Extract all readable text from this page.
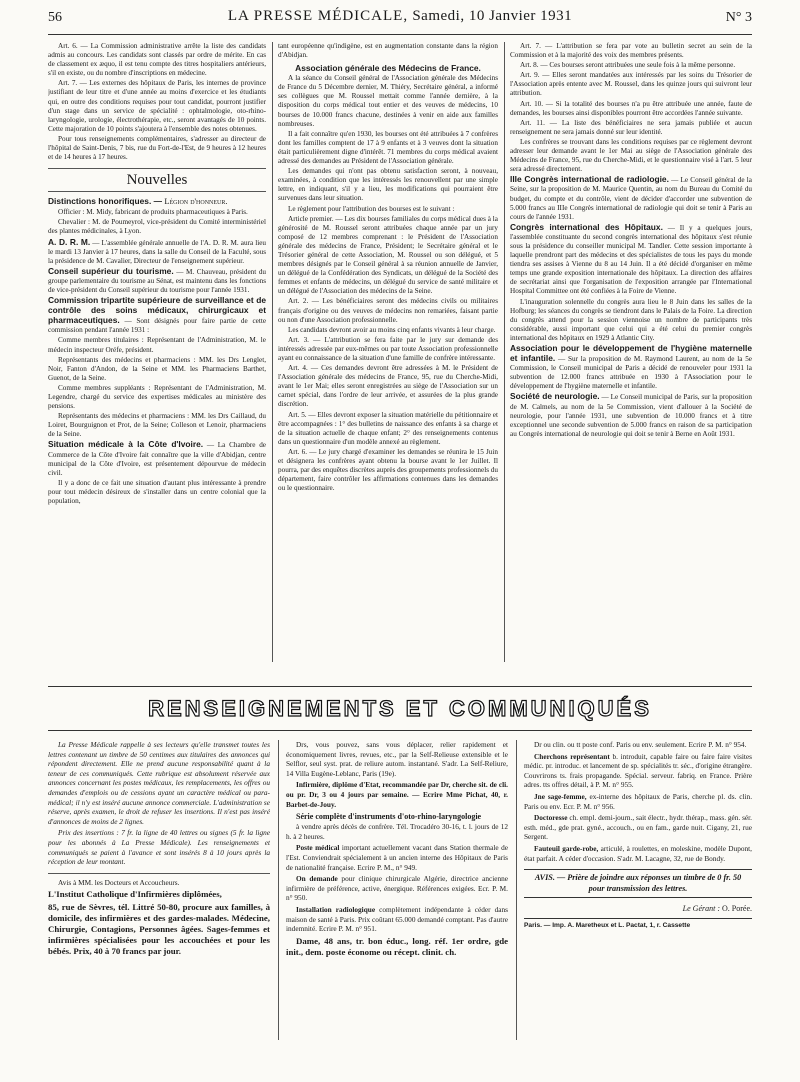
56	LA PRESSE MÉDICALE, Samedi, 10 Janvier 1931	N° 3

Art. 6. — La Commission administrative arrête la liste des candidats admis au concours. Les candidats sont classés par ordre de mérite. En cas de classement ex æquo, il est tenu compte des titres hospitaliers antérieurs, s'il en existe, ou du nombre d'inscriptions en médecine.

Art. 7. — Les externes des hôpitaux de Paris, les internes de province justifiant de leur titre et d'une année au moins d'exercice et les étudiants qui, en outre des conditions requises pour tout candidat, pourront justifier d'un stage dans un service de spécialité : ophtalmologie, oto-rhino-laryngologie, urologie, électrothérapie, etc., seront avantagés de 10 points. Cette majoration de 10 points s'ajoutera à l'ensemble des notes obtenues.

Pour tous renseignements complémentaires, s'adresser au directeur de l'hôpital de Saint-Denis, 7 bis, rue du Fort-de-l'Est, de 9 heures à 12 heures et de 14 heures à 17 heures.

Nouvelles
Distinctions honorifiques. — Légion d'honneur.

Officier : M. Midy, fabricant de produits pharmaceutiques à Paris.

Chevalier : M. de Poumeyrol, vice-président du Comité interministériel des plantes médicinales, à Lyon.

A. D. R. M. — L'assemblée générale annuelle de l'A. D. R. M. aura lieu le mardi 13 Janvier à 17 heures, dans la salle du Conseil de la Faculté, sous la présidence de M. Cavalier, Directeur de l'enseignement supérieur.

Conseil supérieur du tourisme. — M. Chauveau, président du groupe parlementaire du tourisme au Sénat, est maintenu dans les fonctions de vice-président du Conseil supérieur du tourisme pour l'année 1931.

Commission tripartite supérieure de surveillance et de contrôle des soins médicaux, chirurgicaux et pharmaceutiques. — Sont désignés pour faire partie de cette commission pendant l'année 1931 :

Comme membres titulaires : Représentant de l'Administration, M. le médecin inspecteur Oréfe, président.

Représentants des médecins et pharmaciens : MM. les Drs Lenglet, Noir, Fanton d'Andon, de la Seine et MM. les Pharmaciens Barthet, Guenot, de la Seine.

Comme membres suppléants : Représentant de l'Administration, M. Legendre, chargé du service des expertises médicales au ministère des pensions.

Représentants des médecins et pharmaciens : MM. les Drs Caillaud, du Loiret, Bourguignon et Prot, de la Seine; Colleson et Lenoir, pharmaciens de la Seine.

Situation médicale à la Côte d'Ivoire. — La Chambre de Commerce de la Côte d'Ivoire fait connaître que la ville d'Abidjan, centre municipal de la Côte d'Ivoire, est présentement dépourvue de médecin civil.

Il y a donc de ce fait une situation d'autant plus intéressante à prendre pour tout médecin désireux de s'installer dans un centre colonial que la population,

tant européenne qu'indigène, est en augmentation constante dans la région d'Abidjan.

Association générale des Médecins de France.

A la séance du Conseil général de l'Association générale des Médecins de France du 5 Décembre dernier, M. Thiéry, Secrétaire général, a informé ses collègues que M. Roussel mettait comme l'année dernière, à la disposition du corps médical tout entier et des veuves de médecins, 10 bourses de 10.000 francs chacune, destinées à venir en aide aux familles nombreuses.

Il a fait connaître qu'en 1930, les bourses ont été attribuées à 7 confrères dont les familles comptent de 17 à 9 enfants et à 3 veuves dont la situation était particulièrement digne d'intérêt. 71 membres du corps médical avaient adressé des demandes au Président de l'Association générale.

Les demandes qui n'ont pas obtenu satisfaction seront, à nouveau, examinées, à condition que les intéressés les renouvellent par une simple lettre, en indiquant, s'il y a lieu, les modifications qui pourraient être survenues dans leur situation.

Le règlement pour l'attribution des bourses est le suivant :

Article premier. — Les dix bourses familiales du corps médical dues à la générosité de M. Roussel seront attribuées chaque année par un jury composé de 12 membres comprenant : le Président de l'Association générale des médecins de France, Président; le Secrétaire général et le Trésorier général de cette Association, M. Roussel ou son délégué, et 5 membres désignés par le Conseil général à sa réunion annuelle de Janvier, un délégué de la Confédération des Syndicats, un délégué de la Société des femmes et enfants de médecins, un délégué du service de santé militaire et un délégué de l'Association des médecins de la Seine.

Art. 2. — Les bénéficiaires seront des médecins civils ou militaires français d'origine ou des veuves de médecins non remariées, faisant partie ou non d'une Association professionnelle.

Les candidats devront avoir au moins cinq enfants vivants à leur charge.

Art. 3. — L'attribution se fera faite par le jury sur demande des intéressés adressée par eux-mêmes ou par toute Association professionnelle ayant eu connaissance de la situation d'une famille de confrère intéressante.

Art. 4. — Ces demandes devront être adressées à M. le Président de l'Association générale des médecins de France, 95, rue du Cherche-Midi, avant le 1er Mai; elles seront enregistrées au siège de l'Association sur un carnet spécial, dans l'ordre de leur arrivée, et assurées de la plus grande discrétion.

Art. 5. — Elles devront exposer la situation matérielle du pétitionnaire et être accompagnées : 1° des bulletins de naissance des enfants à sa charge et de la situation actuelle de chaque enfant; 2° des renseignements contenus dans un questionnaire d'un modèle annexé au règlement.

Art. 6. — Le jury chargé d'examiner les demandes se réunira le 15 Juin et désignera les confrères ayant obtenu la bourse avant le 1er Juillet. Il pourra, par des enquêtes discrètes auprès des groupements professionnels du département, faire contrôler les affirmations contenues dans les demandes ou le questionnaire.

Art. 7. — L'attribution se fera par vote au bulletin secret au sein de la Commission et à la majorité des voix des membres présents.

Art. 8. — Ces bourses seront attribuées une seule fois à la même personne.

Art. 9. — Elles seront mandatées aux intéressés par les soins du Trésorier de l'Association après entente avec M. Roussel, dans les quinze jours qui suivront leur attribution.

Art. 10. — Si la totalité des bourses n'a pu être attribuée une année, faute de demandes, les bourses ainsi disponibles pourront être accordées l'année suivante.

Art. 11. — La liste des bénéficiaires ne sera jamais publiée et aucun renseignement ne sera jamais donné sur leur identité.

Les confrères se trouvant dans les conditions requises par ce règlement devront adresser leur demande avant le 1er Mai au siège de l'Association générale des Médecins de France, 95, rue du Cherche-Midi, et le questionnaire visé à l'art. 5 leur sera adressé directement.

IIIe Congrès international de radiologie. — Le Conseil général de la Seine, sur la proposition de M. Maurice Quentin, au nom du Bureau du Comité du budget, du compte et du contrôle, vient de décider d'accorder une subvention de 5.000 francs au IIIe Congrès international de radiologie qui doit se tenir à Paris au cours de l'année 1931.

Congrès international des Hôpitaux. — Il y a quelques jours, l'assemblée constituante du second congrès international des hôpitaux s'est réunie sous la présidence du conseiller municipal M. Tandler. Cette session importante à laquelle prendront part des médecins et des spécialistes de tous les pays du monde tiendra ses assises à Vienne du 8 au 14 Juin. Il a été décidé d'organiser en même temps une grande exposition internationale des hôpitaux. La direction des affaires de secrétariat ainsi que l'organisation de l'exposition arrangée par l'International Hospital Committee ont été confiées à la Foire de Vienne.

L'inauguration solennelle du congrès aura lieu le 8 Juin dans les salles de la Hofburg; les séances du congrès se tiendront dans le Palais de la Foire. La direction du congrès attend pour la session viennoise un nombre de participants très considérable, aussi important que celui qui a été celui du premier congrès international des hôpitaux en 1929 à Atlantic City.

Association pour le développement de l'hygiène maternelle et infantile. — Sur la proposition de M. Raymond Laurent, au nom de la 5e Commission, le Conseil municipal de Paris a décidé de renouveler pour 1931 la subvention de 12.000 francs attribuée en 1930 à l'Association pour le développement de l'hygiène maternelle et infantile.

Société de neurologie. — Le Conseil municipal de Paris, sur la proposition de M. Calmels, au nom de la 5e Commission, vient d'allouer à la Société de neurologie, pour l'année 1931, une subvention de 10.000 francs et à titre exceptionnel une seconde subvention de 5.000 francs en raison de sa participation au Congrès international de neurologie qui doit se tenir à Berne en Août 1931.

RENSEIGNEMENTS ET COMMUNIQUÉS

La Presse Médicale rappelle à ses lecteurs qu'elle transmet toutes les lettres contenant un timbre de 50 centimes aux titulaires des annonces qui répondent directement. Elle ne prend aucune responsabilité quant à la teneur de ces communiqués. Cette rubrique est absolument réservée aux annonces concernant les postes médicaux, les remplacements, les offres ou demandes d'emplois ou de cessions ayant un caractère médical ou para-médical; il n'y est inséré aucune annonce commerciale. L'administration se réserve, après examen, le droit de refuser les insertions. Il n'est pas inséré d'annonces de moins de 2 lignes.

Prix des insertions : 7 fr. la ligne de 40 lettres ou signes (5 fr. la ligne pour les abonnés à La Presse Médicale). Les renseignements et communiqués se paient à l'avance et sont insérés 8 à 10 jours après la réception de leur montant.

Avis à MM. les Docteurs et Accoucheurs.

L'Institut Catholique d'Infirmières diplômées,

85, rue de Sèvres, tél. Littré 50-80, procure aux familles, à domicile, des infirmières et des gardes-malades. Médecine, Chirurgie, Contagions, Personnes âgées. Sages-femmes et infirmières spécialisées pour les accouchées et pour les bébés. Prix, 40 à 70 francs par jour.

Drs, vous pouvez, sans vous déplacer, relier rapidement et économiquement livres, revues, etc., par la Self-Relieuse extensible et le Selflor, seul syst. prat. de reliure autom. instantané. S'adr. La Self-Reliure, 14 Villa Eugène-Leblanc, Paris (19e).

Infirmière, diplôme d'Etat, recommandée par Dr, cherche sit. de cli. ou pr. Dr, 3 ou 4 jours par semaine. — Ecrire Mme Pichat, 40, r. Barbet-de-Jouy.

Série complète d'instruments d'oto-rhino-laryngologie

à vendre après décès de confrère. Tél. Trocadéro 30-16, t. l. jours de 12 h. à 2 heures.

Poste médical important actuellement vacant dans Station thermale de l'Est. Conviendrait spécialement à un ancien interne des Hôpitaux de Paris de nationalité française. Ecrire P. M., n° 949.

On demande pour clinique chirurgicale Algérie, directrice ancienne infirmière de préférence, active, énergique. Références exigées. Ecr. P. M. n° 950.

Installation radiologique complètement indépendante à céder dans maison de santé à Paris. Prix coûtant 65.000 demandé comptant. Pas d'autre indemnité. Ecrire P. M. n° 951.

Dame, 48 ans, tr. bon éduc., long. réf. 1er ordre, gde init., dem. poste économe ou récept. clinit. ch.

Dr ou clin. ou tt poste conf. Paris ou env. seulement. Ecrire P. M. n° 954.

Cherchons représentant b. introduit, capable faire ou faire faire visites médic. pr. introduc. et lancement de sp. spécialités tr. séc., d'origine étrangère. Couvrirons ts. frais propagande. Spécial. serveur. fabriq. en France. Prière adres. tts offres détail, à P. M. n° 955.

Jne sage-femme, ex-interne des hôpitaux de Paris, cherche pl. ds. clin. Paris ou env. Ecr. P. M. n° 956.

Doctoresse ch. empl. demi-journ., sait électr., hydr. thérap., mass. gén. sér. esth. méd., gde prat. gyné., accouch., ou en fam., garde nuit. Cigany, 21, rue Sergent.

Fauteuil garde-robe, articulé, à roulettes, en moleskine, modèle Dupont, état parfait. A céder d'occasion. S'adr. M. Lacagne, 32, rue de Bondy.

AVIS. — Prière de joindre aux réponses un timbre de 0 fr. 50 pour transmission des lettres.
Le Gérant : O. Porée.
Paris. — Imp. A. Maretheux et L. Pactat, 1, r. Cassette
